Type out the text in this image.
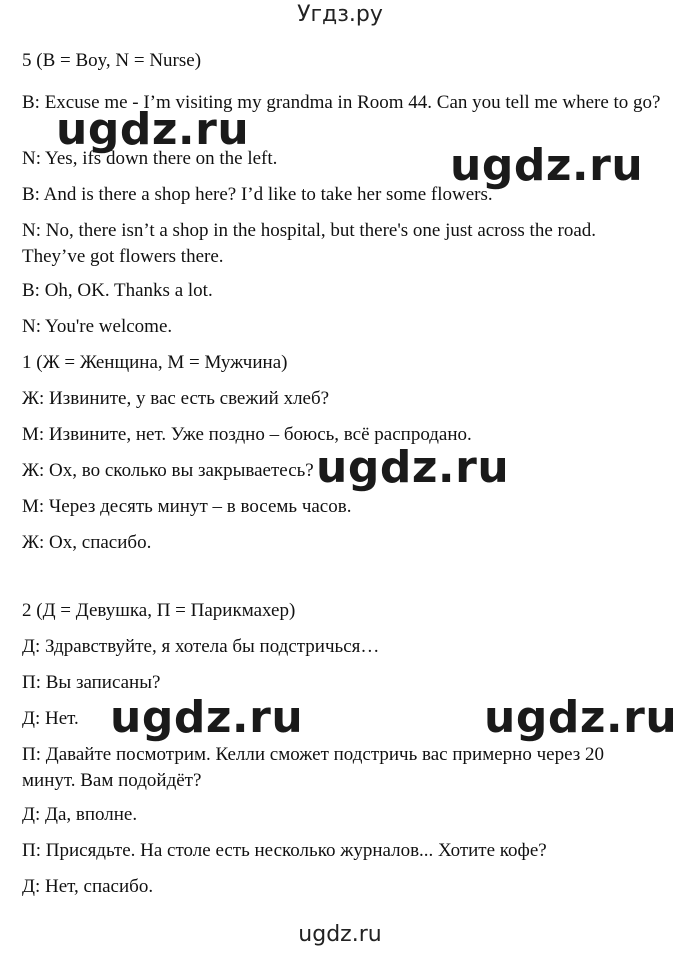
Угдз.ру
5 (B = Boy, N = Nurse)
B: Excuse me - I’m visiting my grandma in Room 44. Can you tell me where to go?
N: Yes, ifs down there on the left.
B: And is there a shop here? I’d like to take her some flowers.
N: No, there isn’t a shop in the hospital, but there's one just across the road. They’ve got flowers there.
B: Oh, OK. Thanks a lot.
N: You're welcome.
1 (Ж = Женщина, М = Мужчина)
Ж: Извините, у вас есть свежий хлеб?
М: Извините, нет. Уже поздно – боюсь, всё распродано.
Ж: Ох, во сколько вы закрываетесь?
М: Через десять минут – в восемь часов.
Ж: Ох, спасибо.
2 (Д = Девушка, П = Парикмахер)
Д: Здравствуйте, я хотела бы подстричься…
П: Вы записаны?
Д: Нет.
П: Давайте посмотрим. Келли сможет подстричь вас примерно через 20 минут. Вам подойдёт?
Д: Да, вполне.
П: Присядьте. На столе есть несколько журналов... Хотите кофе?
Д: Нет, спасибо.
ugdz.ru
ugdz.ru
ugdz.ru
ugdz.ru	ugdz.ru
ugdz.ru
